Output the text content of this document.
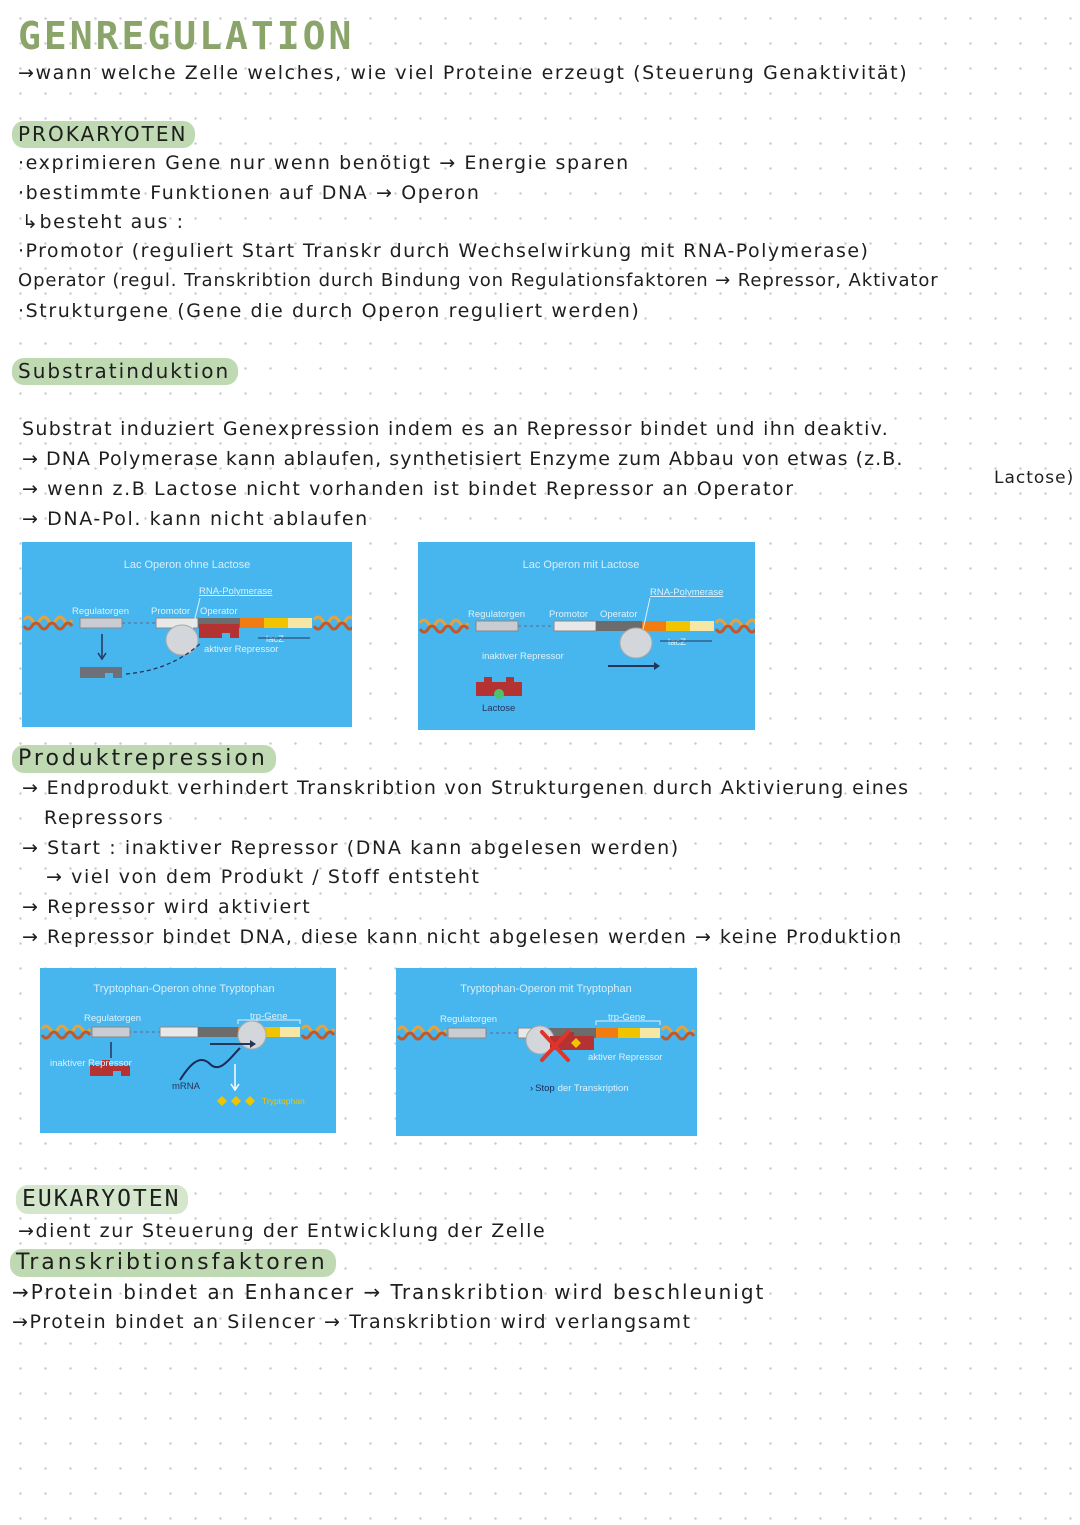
GENREGULATION
→wann welche Zelle welches, wie viel Proteine erzeugt (Steuerung Genaktivität)
PROKARYOTEN
·exprimieren Gene nur wenn benötigt → Energie sparen
·bestimmte Funktionen auf DNA → Operon
↳besteht aus :
·Promotor (reguliert Start Transkr durch Wechselwirkung mit RNA-Polymerase)
Operator (regul. Transkribtion durch Bindung von Regulationsfaktoren → Repressor, Aktivator
·Strukturgene (Gene die durch Operon reguliert werden)
Substratinduktion
Substrat induziert Genexpression indem es an Repressor bindet und ihn deaktiv.
→ DNA Polymerase kann ablaufen, synthetisiert Enzyme zum Abbau von etwas (z.B.
Lactose)
→ wenn z.B Lactose nicht vorhanden ist bindet Repressor an Operator
→ DNA-Pol. kann nicht ablaufen
Lac Operon ohne Lactose
Regulatorgen Promotor Operator
RNA-Polymerase
lacZ
aktiver Repressor
Lac Operon mit Lactose
Regulatorgen	Promotor Operator
RNA-Polymerase
lacZ
inaktiver Repressor
Lactose
Produktrepression
→ Endprodukt verhindert Transkribtion von Strukturgenen durch Aktivierung eines
Repressors
→ Start : inaktiver Repressor (DNA kann abgelesen werden)
→ viel von dem Produkt / Stoff entsteht
→ Repressor wird aktiviert
→ Repressor bindet DNA, diese kann nicht abgelesen werden → keine Produktion
Tryptophan-Operon ohne Tryptophan
Regulatorgen	trp-Gene
mRNA
Tryptophan
inaktiver Repressor
Tryptophan-Operon mit Tryptophan
Regulatorgen	trp-Gene
aktiver Repressor
› Stop der Transkription
EUKARYOTEN
→dient zur Steuerung der Entwicklung der Zelle
Transkribtionsfaktoren
→Protein bindet an Enhancer → Transkribtion wird beschleunigt
→Protein bindet an Silencer → Transkribtion wird verlangsamt
